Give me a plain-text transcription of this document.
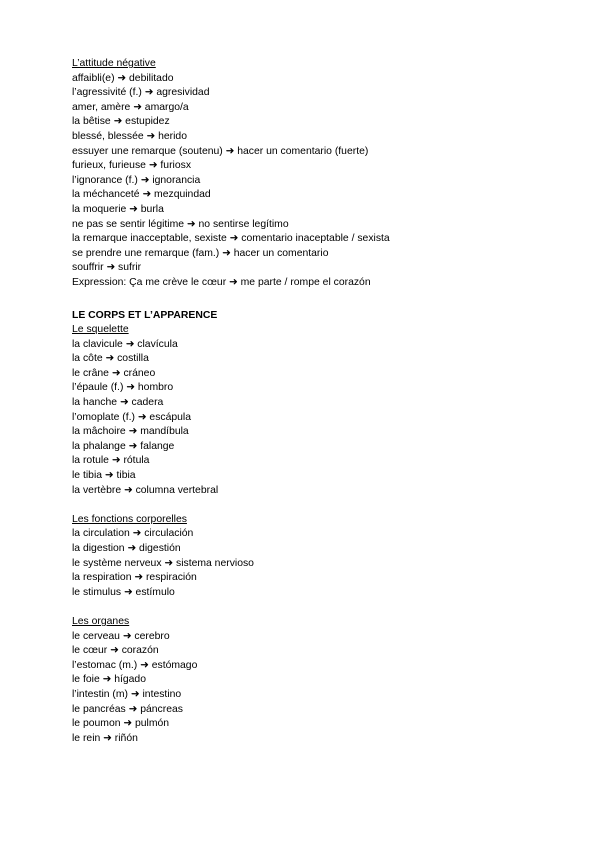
L’attitude négative
affaibli(e) ➜ debilitado
l’agressivité (f.) ➜ agresividad
amer, amère ➜ amargo/a
la bêtise ➜ estupidez
blessé, blessée ➜ herido
essuyer une remarque (soutenu) ➜ hacer un comentario (fuerte)
furieux, furieuse ➜ furiosx
l’ignorance (f.) ➜ ignorancia
la méchanceté ➜ mezquindad
la moquerie ➜ burla
ne pas se sentir légitime ➜ no sentirse legítimo
la remarque inacceptable, sexiste ➜ comentario inaceptable / sexista
se prendre une remarque (fam.) ➜ hacer un comentario
souffrir ➜ sufrir
Expression: Ça me crève le cœur ➜ me parte / rompe el corazón
LE CORPS ET L’APPARENCE
Le squelette
la clavicule ➜ clavícula
la côte ➜ costilla
le crâne ➜ cráneo
l’épaule (f.) ➜ hombro
la hanche ➜ cadera
l’omoplate (f.) ➜ escápula
la mâchoire ➜ mandíbula
la phalange ➜ falange
la rotule ➜ rótula
le tibia ➜ tibia
la vertèbre ➜ columna vertebral
Les fonctions corporelles
la circulation ➜ circulación
la digestion ➜ digestión
le système nerveux ➜ sistema nervioso
la respiration ➜ respiración
le stimulus ➜ estímulo
Les organes
le cerveau ➜ cerebro
le cœur ➜ corazón
l’estomac (m.) ➜ estómago
le foie ➜ hígado
l’intestin (m) ➜ intestino
le pancréas ➜ páncreas
le poumon ➜ pulmón
le rein ➜ riñón
